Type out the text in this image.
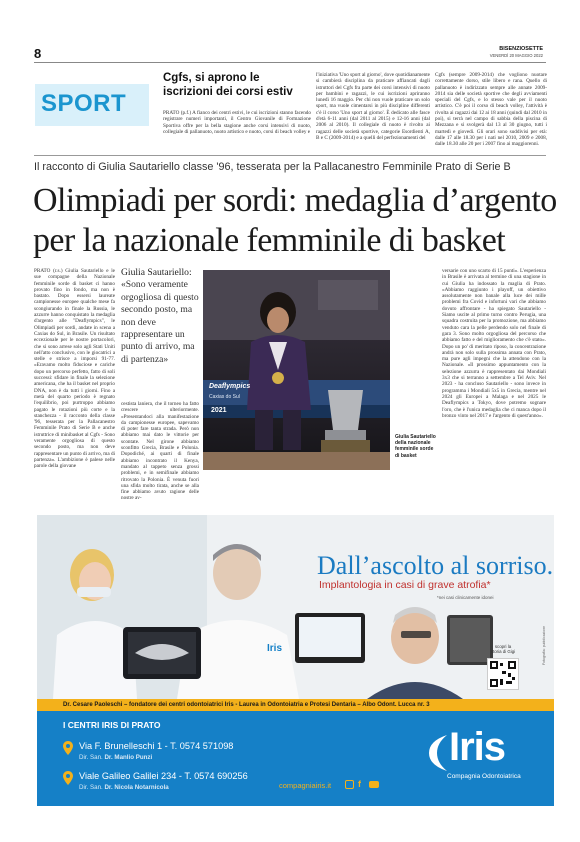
8	BISENZIOSETTE
VENERDÌ 20 MAGGIO 2022
SPORT
Cgfs, si aprono le
iscrizioni dei corsi estiv

PRATO (p.f.) A fianco dei centri estivi, le cui iscrizioni stanno facendo registrare numeri importanti, il Centro Giovanile di Formazione Sportiva offre per la bella stagione anche corsi intensivi di nuoto, collegiale di pallanuoto, nuoto artistico e nuoto, corsi di beach volley e

l'iniziativa 'Uno sport al giorno', dove quotidianamente si cambierà disciplina da praticare affiancati dagli istruttori del Cgfs fra parte dei corsi intensivi di nuoto per bambini e ragazzi, le cui iscrizioni apriranno lunedì 16 maggio. Per chi non vuole praticare un solo sport, ma vuole cimentarsi in più discipline differenti c'è il corso 'Uno sport al giorno'. È dedicato alle fasce d'età 6-11 anni (dal 2011 al 2015) e 12-16 anni (dal 2006 al 2010). Il collegiale di nuoto è rivolto ai ragazzi delle società sportive, categorie Esordienti A, B e C (2009-2014) e a quelli del perfezionamenti del

Cgfs (sempre 2009-2014) che vogliono nuotare correttamente dorso, stile libero e rana. Quello di pallanuoto è indirizzato sempre alle annate 2009-2014 sia delle società sportive che degli avviamenti speciali del Cgfs, e lo stesso vale per il nuoto artistico. C'è poi il corso di beach volley, l'attività è rivolta ai ragazzi dai 12 ai 18 anni (quindi dal 2010 in poi), si terrà nel campo di sabbia della piscina di Mezzana e si svolgerà dal 13 al 30 giugno, tutti i martedì e giovedì. Gli orari sono suddivisi per età: dalle 17 alle 18.30 per i nati nel 2010, 2009 e 2008, dalle 18.30 alle 20 per i 2007 fino ai maggiorenni.

Il racconto di Giulia Sautariello classe '96, tesserata per la Pallacanestro Femminile Prato di Serie B
Olimpiadi per sordi: medaglia d’argento
per la nazionale femminile di basket

PRATO (r.s.) Giulia Sautariello e le sue compagne della Nazionale femminile sorde di basket ci hanno provato fino in fondo, ma non è bastato. Dopo essersi laureate campionesse europee qualche mese fa scongiurando in finale la Russia, le azzurre hanno conquistato la medaglia d'argento alle "Deaflympics", le Olimpiadi per sordi, andate in scena a Caxias do Sul, in Brasile. Un risultato eccezionale per le nostre portacolori, che si sono arrese solo agli Stati Uniti nell'atto conclusivo, con le giocatrici a stelle e strisce a imporsi 91-77. «Eravamo molto fiduciose e cariche dopo un percorso perfetto, fatto di soli successi: sfidare in finale la selezione americana, che ha il basket nel proprio DNA, non è da tutti i giorni. Fino a metà del quarto periodo è regnato l'equilibrio, poi purtroppo abbiamo pagato le rotazioni più corte e la stanchezza - il racconto della classe '96, tesserata per la Pallacanestro Femminile Prato di Serie B e anche istruttrice di minibasket al Cgfs - Sono veramente orgogliosa di questo secondo posto, ma non deve rappresentare un punto di arrivo, ma di partenza». L'ambizione è palese nelle parole della giovane

Giulia Sautariello:
«Sono veramente orgogliosa di questo secondo posto, ma non deve rappresentare un punto di arrivo, ma di partenza»

cestista laniera, che il torneo ha fatto crescere ulteriormente. «Presentandoci alla manifestazione da campionesse europee, sapevamo di poter fare tanta strada. Però non abbiamo mai dato le vittorie per scontate. Nel girone abbiamo sconfitto Grecia, Brasile e Polonia. Dopodiché, ai quarti di finale abbiamo incontrato il Kenya, mandato al tappeto senza grossi problemi, e in semifinale abbiamo ritrovato la Polonia. È venuta fuori una sfida molto tirata, anche se alla fine abbiamo avuto ragione delle nostre av-

Deaflympics
Caxias do Sul
2021
Giulia Sautariello della nazionale femminile sorde di basket

versarie con uno scarto di 15 punti». L'esperienza in Brasile è arrivata al termine di una stagione in cui Giulia ha indossato la maglia di Prato. «Abbiamo raggiunto i playoff, un obiettivo assolutamente non banale alla luce dei mille problemi fra Covid e infortuni vari che abbiamo dovuto affrontare - ha spiegato Sautariello - Siamo uscite al primo turno contro Perugia, una squadra costruita per la promozione, ma abbiamo venduto cara la pelle perdendo solo nel finale di gara 3. Sono molto orgogliosa del percorso che abbiamo fatto e del miglioramento che c'è stato». Dopo un po' di meritato riposo, la concentrazione andrà non solo sulla prossima annata con Prato, ma pure agli impegni che la attendono con la Nazionale. «Il prossimo appuntamento con la selezione azzurra è rappresentato dai Mondiali 3x3 che si terranno a settembre a Tel Aviv. Nel 2023 - ha concluso Sautariello - sono invece in programma i Mondiali 5x5 in Grecia, mentre nel 2024 gli Europei a Malaga e nel 2025 le Deaflympics a Tokyo, dove potremo sognare l'oro, che è l'unica medaglia che ci manca dopo il bronzo vinto nel 2017 e l'argento di quest'anno».

Iris
Dall’ascolto al sorriso.
Implantologia in casi di grave atrofia*
*nei casi clinicamente idonei
scopri la storia di Gigi	Fotografia: pubblicazione
Dr. Cesare Paoleschi – fondatore dei centri odontoiatrici Iris - Laurea in Odontoiatria e Protesi Dentaria – Albo Odont. Lucca nr. 3
I CENTRI IRIS DI PRATO
Via F. Brunelleschi 1 - T. 0574 571098
Dir. San. Dr. Manlio Punzi
Viale Galileo Galilei 234 - T. 0574 690256
Dir. San. Dr. Nicola Notarnicola	compagniairis.it	f
Iris
Compagnia Odontoiatrica
